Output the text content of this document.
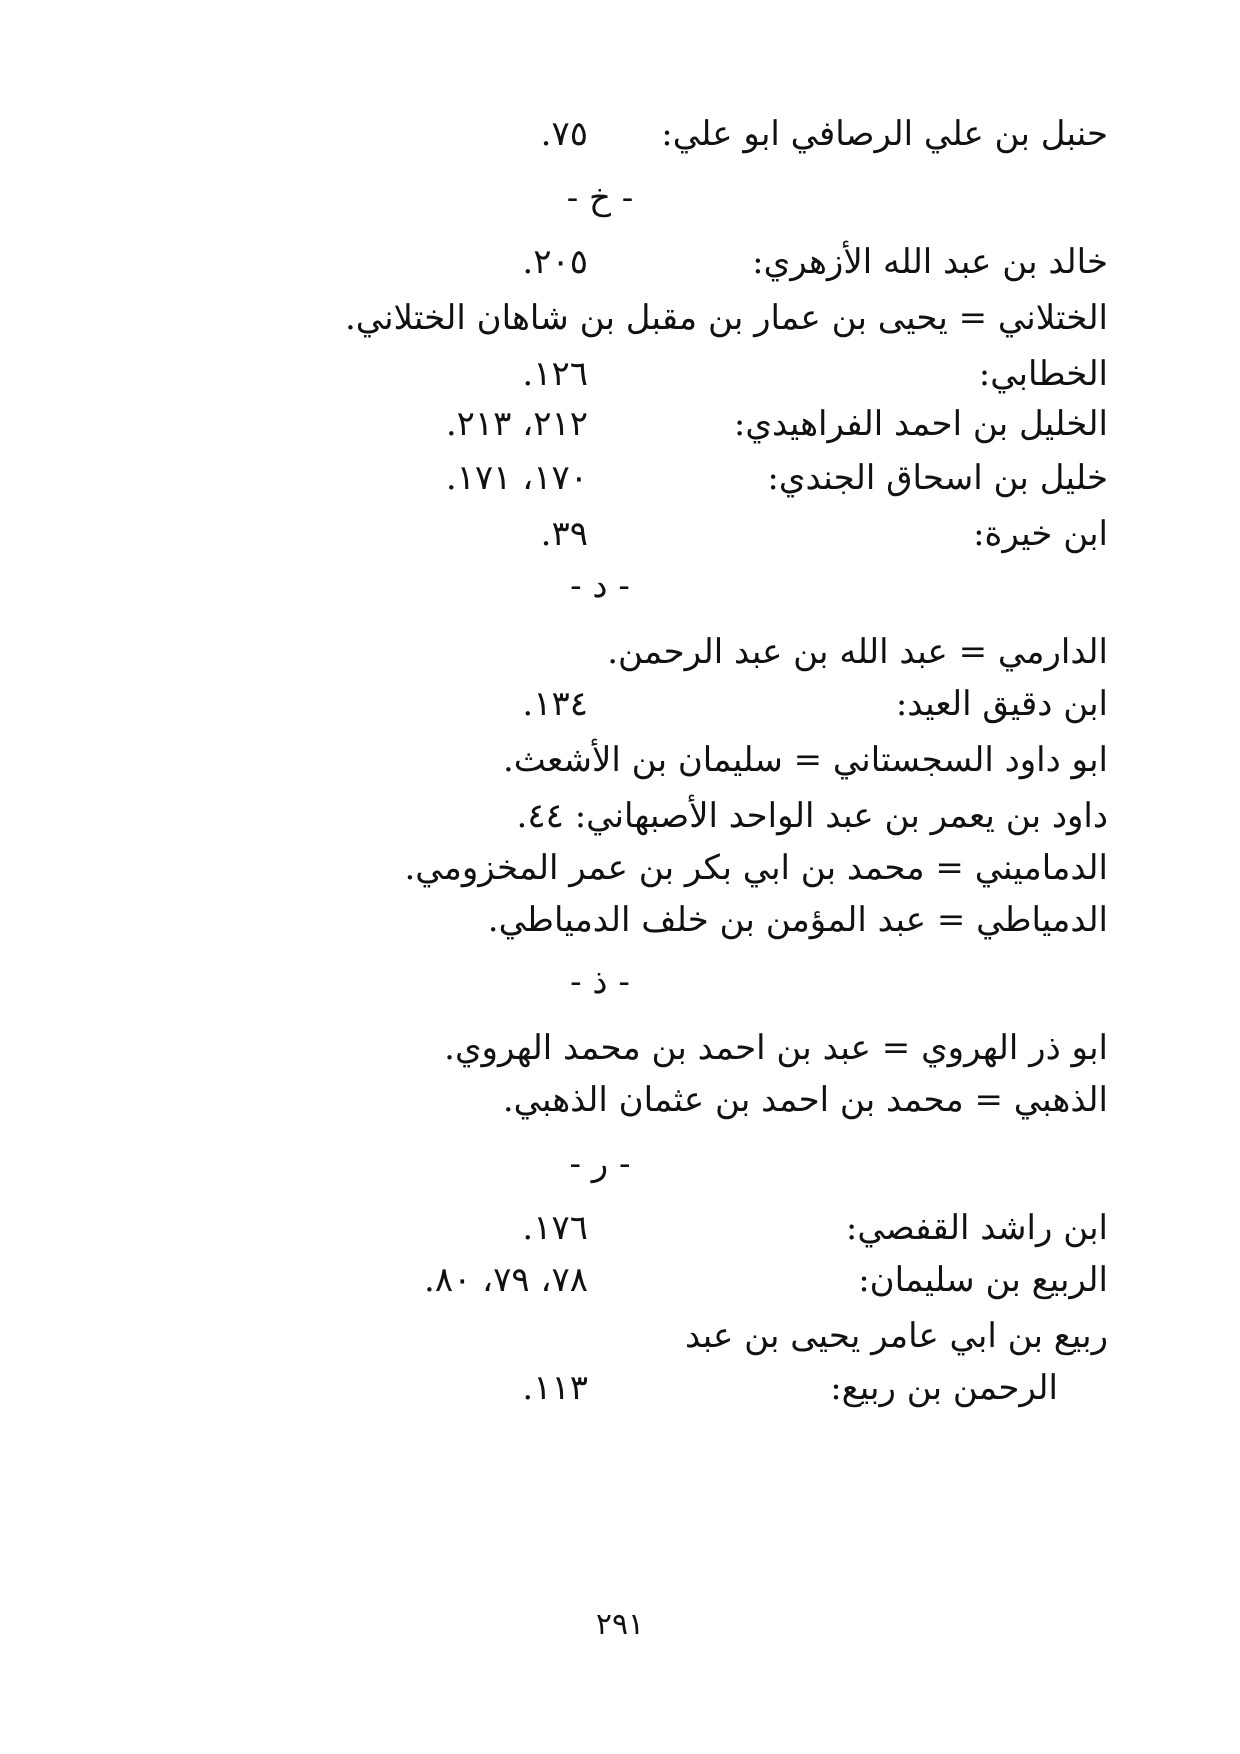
حنبل بن علي الرصافي ابو علي:
٧٥.
- خ -
خالد بن عبد الله الأزهري:
٢٠٥.
الختلاني = يحيى بن عمار بن مقبل بن شاهان الختلاني.
الخطابي:
١٢٦.
الخليل بن احمد الفراهيدي:
٢١٢، ٢١٣.
خليل بن اسحاق الجندي:
١٧٠، ١٧١.
ابن خيرة:
٣٩.
- د -
الدارمي = عبد الله بن عبد الرحمن.
ابن دقيق العيد:
١٣٤.
ابو داود السجستاني = سليمان بن الأشعث.
داود بن يعمر بن عبد الواحد الأصبهاني: ٤٤.
الدماميني = محمد بن ابي بكر بن عمر المخزومي.
الدمياطي = عبد المؤمن بن خلف الدمياطي.
- ذ -
ابو ذر الهروي = عبد بن احمد بن محمد الهروي.
الذهبي = محمد بن احمد بن عثمان الذهبي.
- ر -
ابن راشد القفصي:
١٧٦.
الربيع بن سليمان:
٧٨، ٧٩، ٨٠.
ربيع بن ابي عامر يحيى بن عبد
الرحمن بن ربيع:
١١٣.
٢٩١
